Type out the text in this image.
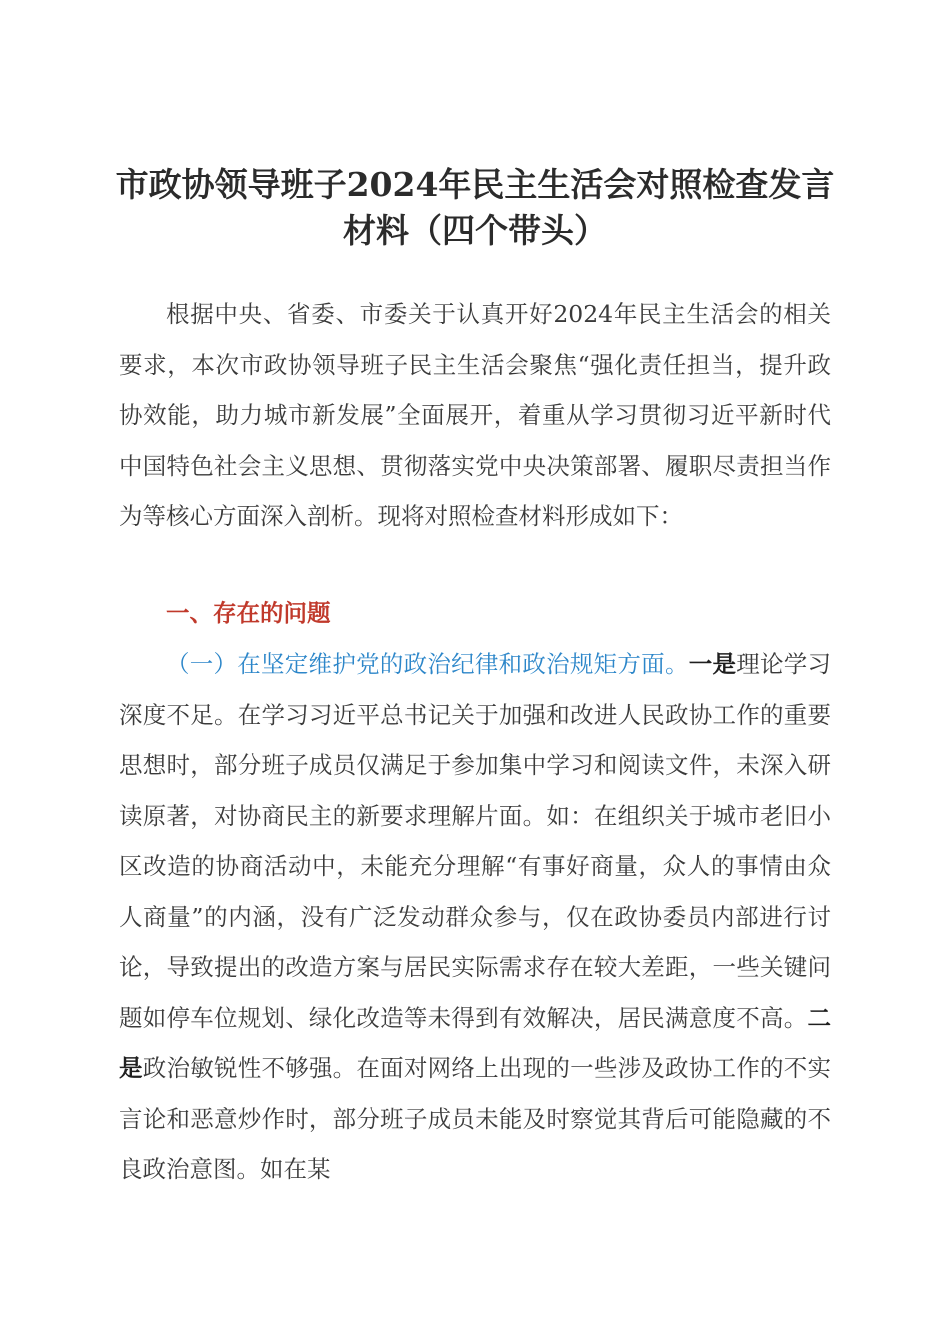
市政协领导班子2024年民主生活会对照检查发言材料（四个带头）

根据中央、省委、市委关于认真开好2024年民主生活会的相关要求，本次市政协领导班子民主生活会聚焦“强化责任担当，提升政协效能，助力城市新发展”全面展开，着重从学习贯彻习近平新时代中国特色社会主义思想、贯彻落实党中央决策部署、履职尽责担当作为等核心方面深入剖析。现将对照检查材料形成如下：

一、存在的问题

（一）在坚定维护党的政治纪律和政治规矩方面。一是理论学习深度不足。在学习习近平总书记关于加强和改进人民政协工作的重要思想时，部分班子成员仅满足于参加集中学习和阅读文件，未深入研读原著，对协商民主的新要求理解片面。如：在组织关于城市老旧小区改造的协商活动中，未能充分理解“有事好商量，众人的事情由众人商量”的内涵，没有广泛发动群众参与，仅在政协委员内部进行讨论，导致提出的改造方案与居民实际需求存在较大差距，一些关键问题如停车位规划、绿化改造等未得到有效解决，居民满意度不高。二是政治敏锐性不够强。在面对网络上出现的一些涉及政协工作的不实言论和恶意炒作时，部分班子成员未能及时察觉其背后可能隐藏的不良政治意图。如在某
